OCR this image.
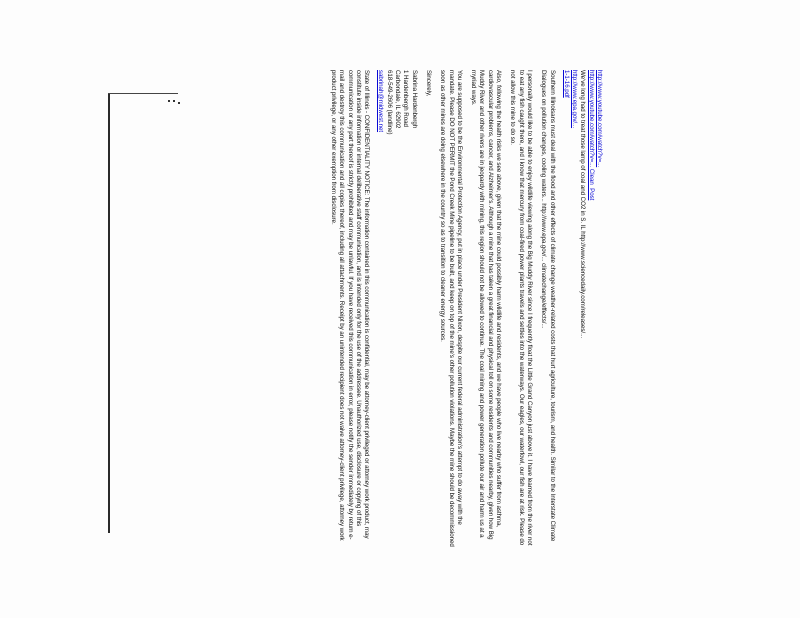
http://www.youtube.com/watch?v=...
http://www.youtube.com/watch?v=... Clean_Post
We've long had to treat those lamp of coal and CO2 in S. IL http://www.sciencedaily.com/releases/...
http://www.epa.gov/...
1-1-16.pdf

Southern Illinoisans must deal with the flood and other effects of climate change weather-related costs that hurt agriculture, tourism, and health. Similar to the Interstate Climate Dialogues on pollution changes, cooling waters... http://www.epa.gov/... climatechange/effects/...

I personally would like to be able to enjoy wildlife viewing along the Big Muddy River since I frequently float the Little Grand Canyon just above it. I have learned from the river not to eat any fish caught there, and I know that mercury from coal-fired power plants travels and settles into the waterways. Our eagles, our waterfowl, our fish are at risk. Please do not allow this mine to do so.

Also, following the health risks we see above, given that the mine could possibly harm wildlife and residents, and we have people who live nearby who suffer from asthma, cardiovascular problems, cancer, and Alzheimer's. Although a mine that has taken a great financial and physical toll on some residents and communities nearby, given how Big Muddy River and other rivers are in jeopardy with mining, this region should not be allowed to continue. The coal mining and power generation pollute our air and harm us at a myriad ways.

You are supposed to be the Environmental Protection Agency, put in place under President Nixon, despite our current federal administration's attempt to do away with the mandate. Please DO NOT PERMIT the Pond Creek Mine pipeline to be built, and keep on top of the mine's other pollution violations. Maybe the mine should be decommissioned soon as other mines are doing elsewhere in the country so as to transition to cleaner energy sources.

Sincerely,

Sabrina Hardenbergh
1 Hardenbergh Road
Carbondale, IL 62902
618-549-2606 (landline)
sabrinah@midwest.net

State of Illinois - CONFIDENTIALITY NOTICE: The information contained in this communication is confidential, may be attorney-client privileged or attorney work product, may constitute inside information or internal deliberative staff communication, and is intended only for the use of the addressee. Unauthorized use, disclosure or copying of this communication or any part thereof is strictly prohibited and may be unlawful. If you have received this communication in error, please notify the sender immediately by return e-mail and destroy this communication and all copies thereof, including all attachments. Receipt by an unintended recipient does not waive attorney-client privilege, attorney work product privilege, or any other exemption from disclosure.
